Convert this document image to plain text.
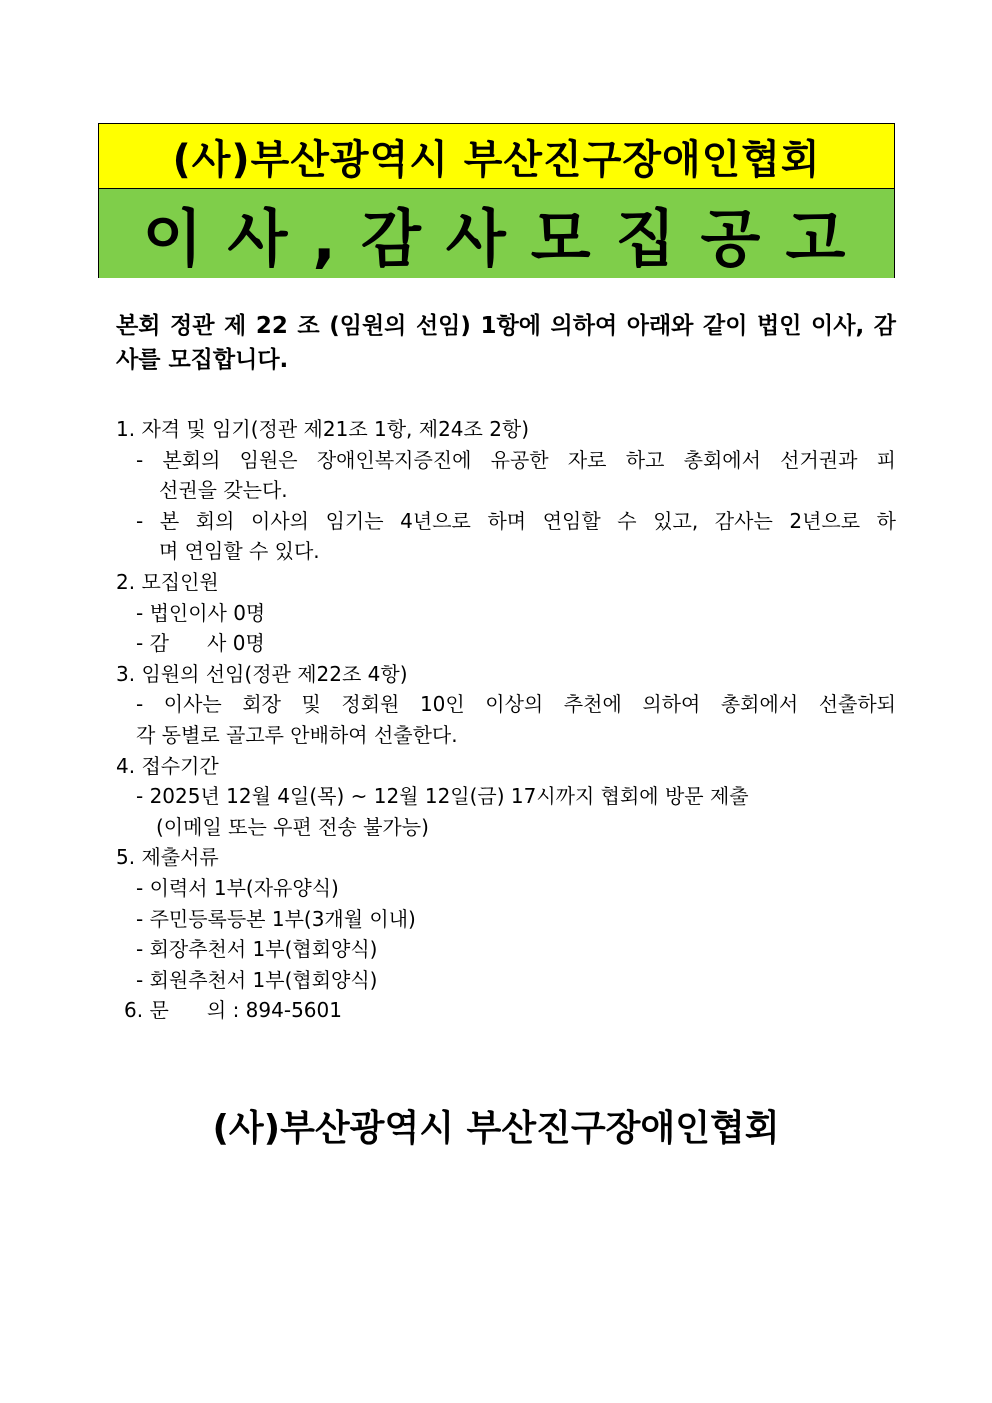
(사)부산광역시 부산진구장애인협회
이사,감사모집공고
본회 정관 제 22 조 (임원의 선임) 1항에 의하여 아래와 같이 법인 이사, 감사를 모집합니다.
1. 자격 및 임기(정관 제21조 1항, 제24조 2항)
- 본회의 임원은 장애인복지증진에 유공한 자로 하고 총회에서 선거권과 피
선권을 갖는다.
- 본 회의 이사의 임기는 4년으로 하며 연임할 수 있고, 감사는 2년으로 하
며 연임할 수 있다.
2. 모집인원
- 법인이사 0명
- 감      사 0명
3. 임원의 선임(정관 제22조 4항)
- 이사는 회장 및 정회원 10인 이상의 추천에 의하여 총회에서 선출하되
각 동별로 골고루 안배하여 선출한다.
4. 접수기간
- 2025년 12월 4일(목) ~ 12월 12일(금) 17시까지 협회에 방문 제출
(이메일 또는 우편 전송 불가능)
5. 제출서류
- 이력서 1부(자유양식)
- 주민등록등본 1부(3개월 이내)
- 회장추천서 1부(협회양식)
- 회원추천서 1부(협회양식)
6. 문      의 : 894-5601
(사)부산광역시 부산진구장애인협회
